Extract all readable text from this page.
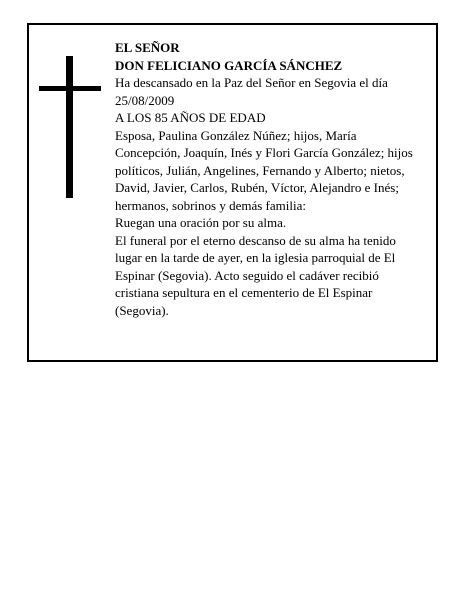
EL SEÑOR

DON FELICIANO GARCÍA SÁNCHEZ

Ha descansado en la Paz del Señor en Segovia el día 25/08/2009

A LOS 85 AÑOS DE EDAD

Esposa, Paulina González Núñez; hijos, María Concepción, Joaquín, Inés y Flori García González; hijos políticos, Julián, Angelines, Fernando y Alberto; nietos, David, Javier, Carlos, Rubén, Víctor, Alejandro e Inés; hermanos, sobrinos y demás familia:

Ruegan una oración por su alma.

El funeral por el eterno descanso de su alma ha tenido lugar en la tarde de ayer, en la iglesia parroquial de El Espinar (Segovia). Acto seguido el cadáver recibió cristiana sepultura en el cementerio de El Espinar (Segovia).
